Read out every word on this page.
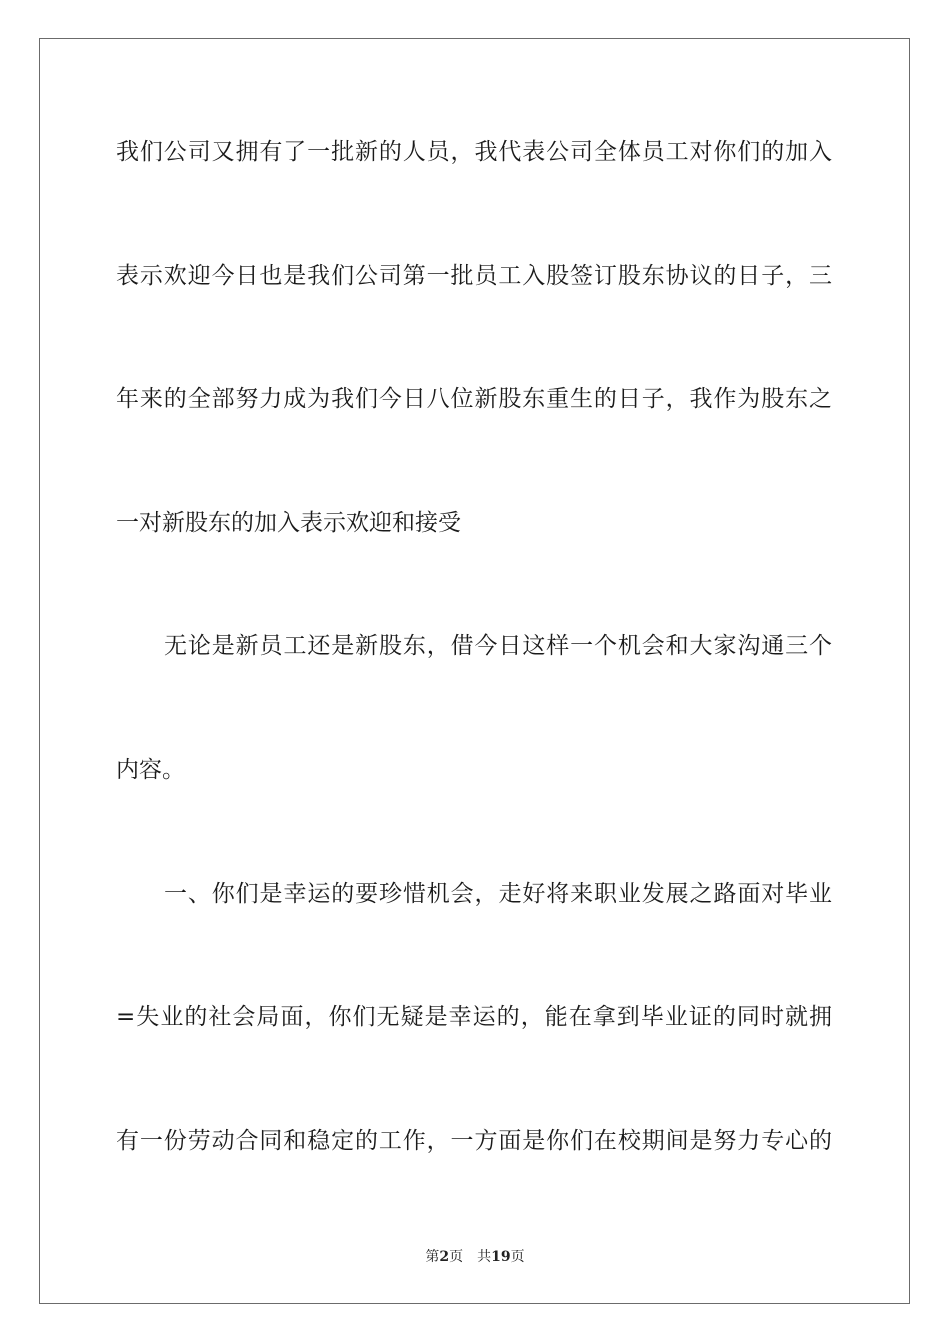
我们公司又拥有了一批新的人员，我代表公司全体员工对你们的加入
表示欢迎今日也是我们公司第一批员工入股签订股东协议的日子，三
年来的全部努力成为我们今日八位新股东重生的日子，我作为股东之
一对新股东的加入表示欢迎和接受
无论是新员工还是新股东，借今日这样一个机会和大家沟通三个
内容。
一、你们是幸运的要珍惜机会，走好将来职业发展之路面对毕业
=失业的社会局面，你们无疑是幸运的，能在拿到毕业证的同时就拥
有一份劳动合同和稳定的工作，一方面是你们在校期间是努力专心的
第2页 共19页
